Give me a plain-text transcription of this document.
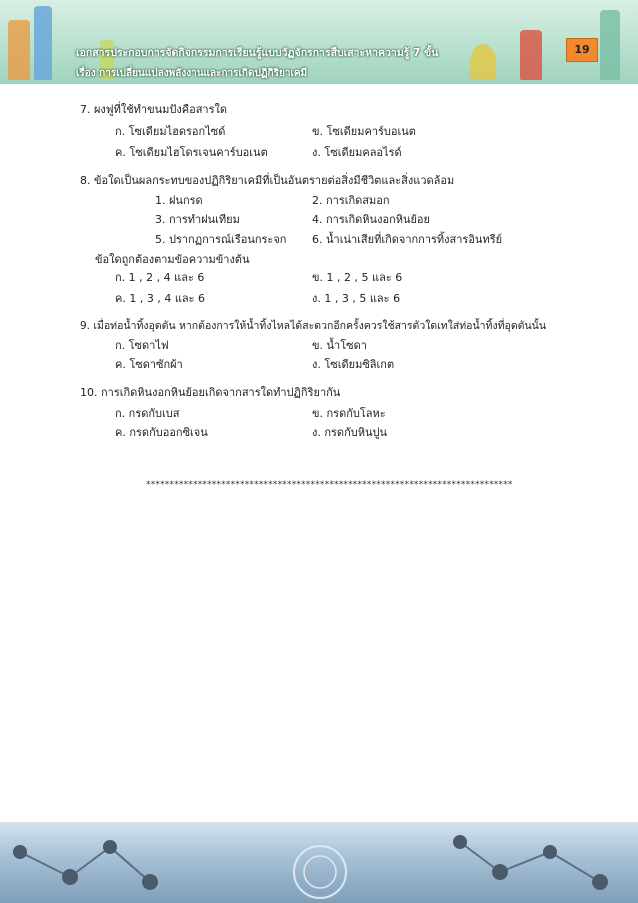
เอกสารประกอบการจัดกิจกรรมการเรียนรู้แบบวัฏจักรการสืบเสาะหาความรู้ 7 ขั้น
เรื่อง การเปลี่ยนแปลงพลังงานและการเกิดปฏิกิริยาเคมี
19
7. ผงฟูที่ใช้ทำขนมปังคือสารใด
ก. โซเดียมไฮดรอกไซด์	ข. โซเดียมคาร์บอเนต
ค. โซเดียมไฮโดรเจนคาร์บอเนต	ง. โซเดียมคลอไรด์
8. ข้อใดเป็นผลกระทบของปฏิกิริยาเคมีที่เป็นอันตรายต่อสิ่งมีชีวิตและสิ่งแวดล้อม
1. ฝนกรด	2. การเกิดสมอก
3. การทำฝนเทียม	4. การเกิดหินงอกหินย้อย
5. ปรากฏการณ์เรือนกระจก 6. น้ำเน่าเสียที่เกิดจากการทิ้งสารอินทรีย์
ข้อใดถูกต้องตามข้อความข้างต้น
ก. 1 , 2 , 4 และ 6	ข. 1 , 2 , 5 และ 6
ค. 1 , 3 , 4 และ 6	ง. 1 , 3 , 5 และ 6
9. เมื่อท่อน้ำทิ้งอุดตัน หากต้องการให้น้ำทิ้งไหลได้สะดวกอีกครั้งควรใช้สารตัวใดเทใส่ท่อน้ำทิ้งที่อุดตันนั้น
ก. โซดาไฟ	ข. น้ำโซดา
ค. โซดาซักผ้า	ง. โซเดียมซิลิเกต
10. การเกิดหินงอกหินย้อยเกิดจากสารใดทำปฏิกิริยากัน
ก. กรดกับเบส	ข. กรดกับโลหะ
ค. กรดกับออกซิเจน	ง. กรดกับหินปูน
******************************************************************************
